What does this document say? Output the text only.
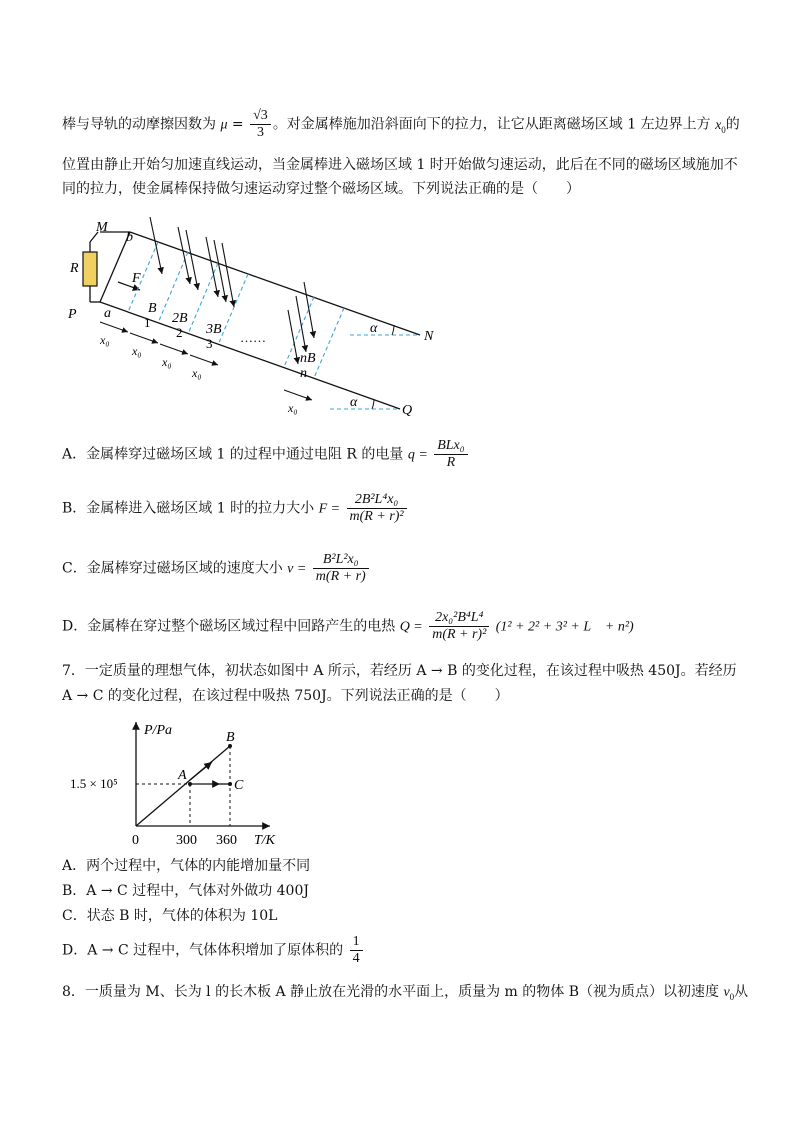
棒与导轨的动摩擦因数为 $\mu = \frac{√3}{3}$ 。对金属棒施加沿斜面向下的拉力，让它从距离磁场区域 1 左边界上方 $x_0$的
位置由静止开始匀加速直线运动，当金属棒进入磁场区域 1 时开始做匀速运动，此后在不同的磁场区域施加不
同的拉力，使金属棒保持做匀速运动穿过整个磁场区域。下列说法正确的是（　　）
M
b
R
F
P a	B
1 2B
2 3B
3 ……
nB
n
N
Q
α
α
x₀
x₀
x₀
x₀
x₀
A．金属棒穿过磁场区域 1 的过程中通过电阻 R 的电量 $q = \frac{\text{BLx₀}}{R}$
B．金属棒进入磁场区域 1 时的拉力大小 $F = \frac{\text{2B²L⁴x₀}}{\text{m(R + r)²}}$
C．金属棒穿过磁场区域的速度大小 $v = \frac{\text{B²L²x₀}}{m(R + r)}$
D．金属棒在穿过整个磁场区域过程中回路产生的电热 $Q = \frac{\text{2x₀²B⁴L⁴}}{\text{m(R + r)²}} (1^2 + 2^2 + 3^2 + L$　+ n²)
7．一定质量的理想气体，初状态如图中 A 所示，若经历 A → B 的变化过程，在该过程中吸热 450J。若经历
A → C 的变化过程，在该过程中吸热 750J。下列说法正确的是（　　）
P/Pa
T/K
0
1.5 × 10⁵
300 360
A
B
C
A．两个过程中，气体的内能增加量不同
B．A → C 过程中，气体对外做功 400J
C．状态 B 时，气体的体积为 10L
D．A → C 过程中，气体体积增加了原体积的 $\frac{1}{4}$
8．一质量为 M、长为 l 的长木板 A 静止放在光滑的水平面上，质量为 m 的物体 B（视为质点）以初速度 $v_0$从
